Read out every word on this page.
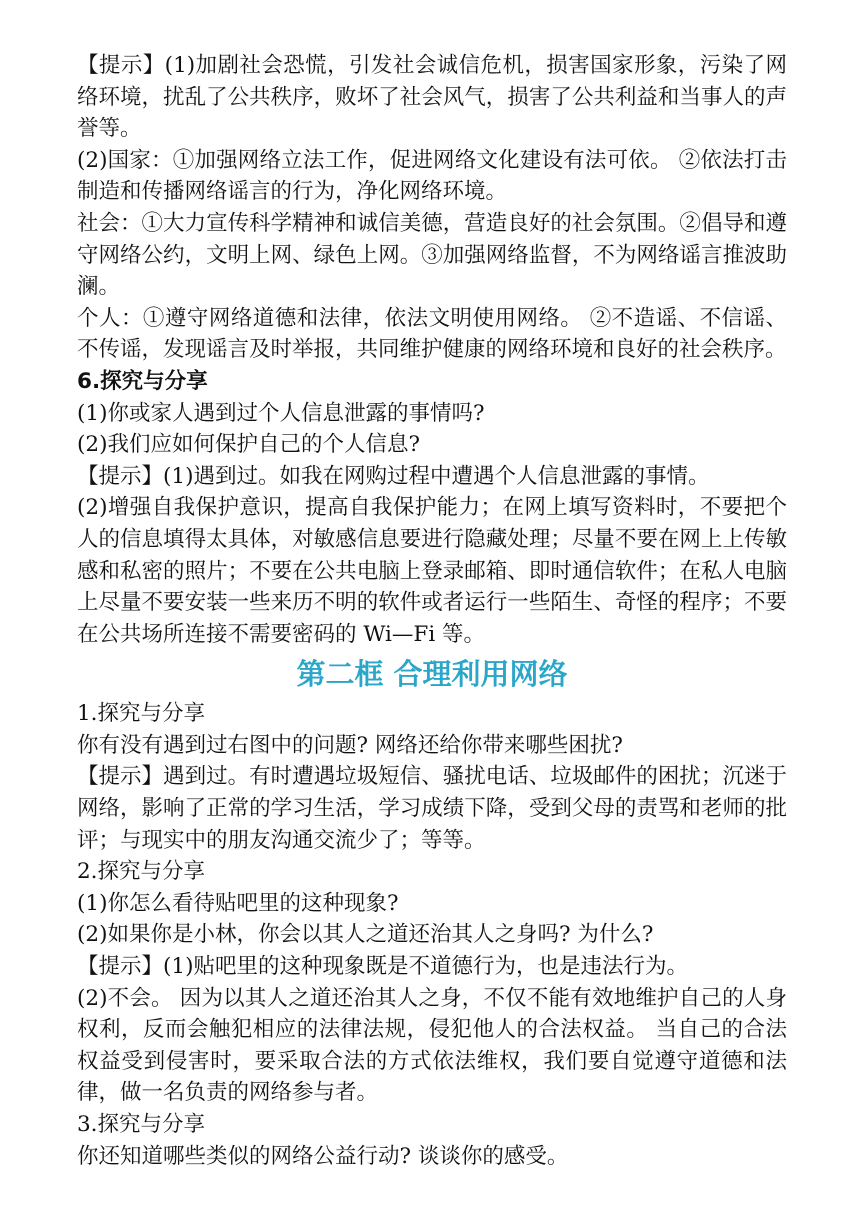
【提示】(1)加剧社会恐慌，引发社会诚信危机，损害国家形象，污染了网络环境，扰乱了公共秩序，败坏了社会风气，损害了公共利益和当事人的声誉等。

(2)国家：①加强网络立法工作，促进网络文化建设有法可依。 ②依法打击制造和传播网络谣言的行为，净化网络环境。

社会：①大力宣传科学精神和诚信美德，营造良好的社会氛围。②倡导和遵守网络公约，文明上网、绿色上网。③加强网络监督，不为网络谣言推波助澜。

个人：①遵守网络道德和法律，依法文明使用网络。 ②不造谣、不信谣、不传谣，发现谣言及时举报，共同维护健康的网络环境和良好的社会秩序。

6.探究与分享

(1)你或家人遇到过个人信息泄露的事情吗?

(2)我们应如何保护自己的个人信息?

【提示】(1)遇到过。如我在网购过程中遭遇个人信息泄露的事情。

(2)增强自我保护意识，提高自我保护能力；在网上填写资料时，不要把个人的信息填得太具体，对敏感信息要进行隐藏处理；尽量不要在网上上传敏感和私密的照片；不要在公共电脑上登录邮箱、即时通信软件；在私人电脑上尽量不要安装一些来历不明的软件或者运行一些陌生、奇怪的程序；不要在公共场所连接不需要密码的 Wi—Fi 等。

第二框 合理利用网络

1.探究与分享

你有没有遇到过右图中的问题? 网络还给你带来哪些困扰?

【提示】遇到过。有时遭遇垃圾短信、骚扰电话、垃圾邮件的困扰；沉迷于网络，影响了正常的学习生活，学习成绩下降，受到父母的责骂和老师的批评；与现实中的朋友沟通交流少了；等等。

2.探究与分享

(1)你怎么看待贴吧里的这种现象?

(2)如果你是小林，你会以其人之道还治其人之身吗? 为什么?

【提示】(1)贴吧里的这种现象既是不道德行为，也是违法行为。

(2)不会。 因为以其人之道还治其人之身，不仅不能有效地维护自己的人身权利，反而会触犯相应的法律法规，侵犯他人的合法权益。 当自己的合法权益受到侵害时，要采取合法的方式依法维权，我们要自觉遵守道德和法律，做一名负责的网络参与者。

3.探究与分享

你还知道哪些类似的网络公益行动? 谈谈你的感受。
